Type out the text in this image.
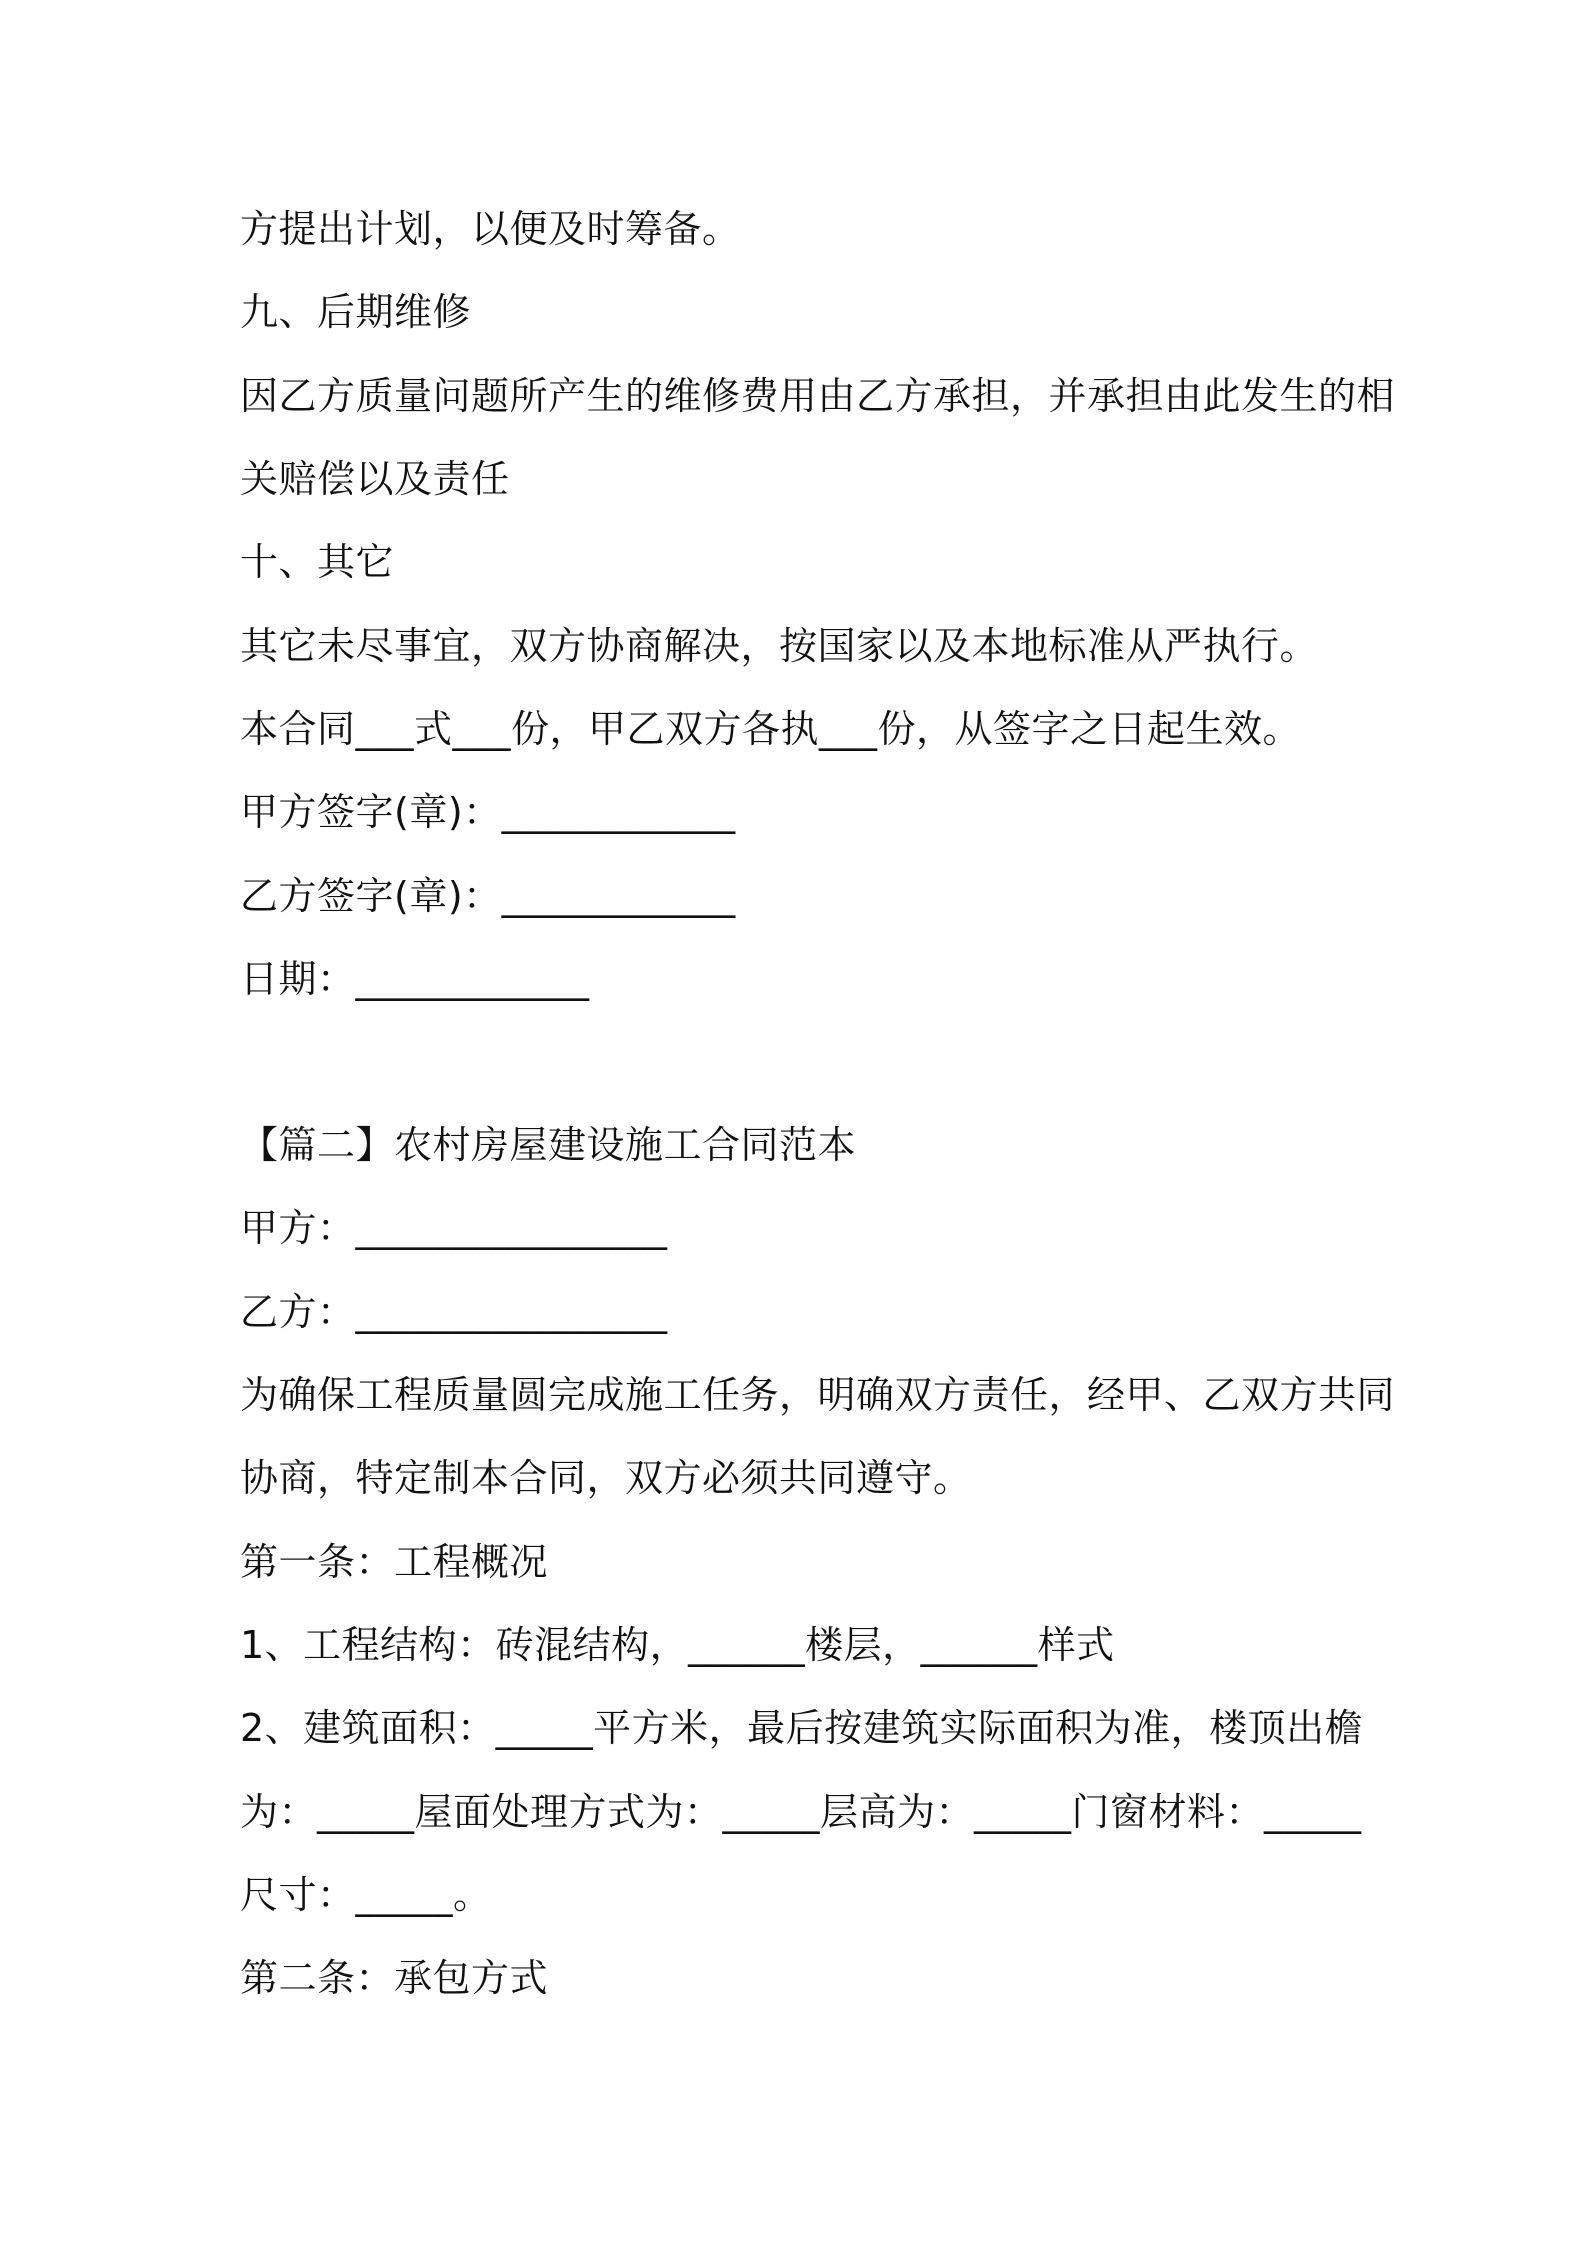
方提出计划，以便及时筹备。
九、后期维修
因乙方质量问题所产生的维修费用由乙方承担，并承担由此发生的相
关赔偿以及责任
十、其它
其它未尽事宜，双方协商解决，按国家以及本地标准从严执行。
本合同___式___份，甲乙双方各执___份，从签字之日起生效。
甲方签字(章)：____________
乙方签字(章)：____________
日期：____________
【篇二】农村房屋建设施工合同范本
甲方：________________
乙方：________________
为确保工程质量圆完成施工任务，明确双方责任，经甲、乙双方共同
协商，特定制本合同，双方必须共同遵守。
第一条：工程概况
1、工程结构：砖混结构，______楼层，______样式
2、建筑面积：_____平方米，最后按建筑实际面积为准，楼顶出檐
为：_____屋面处理方式为：_____层高为：_____门窗材料：_____
尺寸：_____。
第二条：承包方式
